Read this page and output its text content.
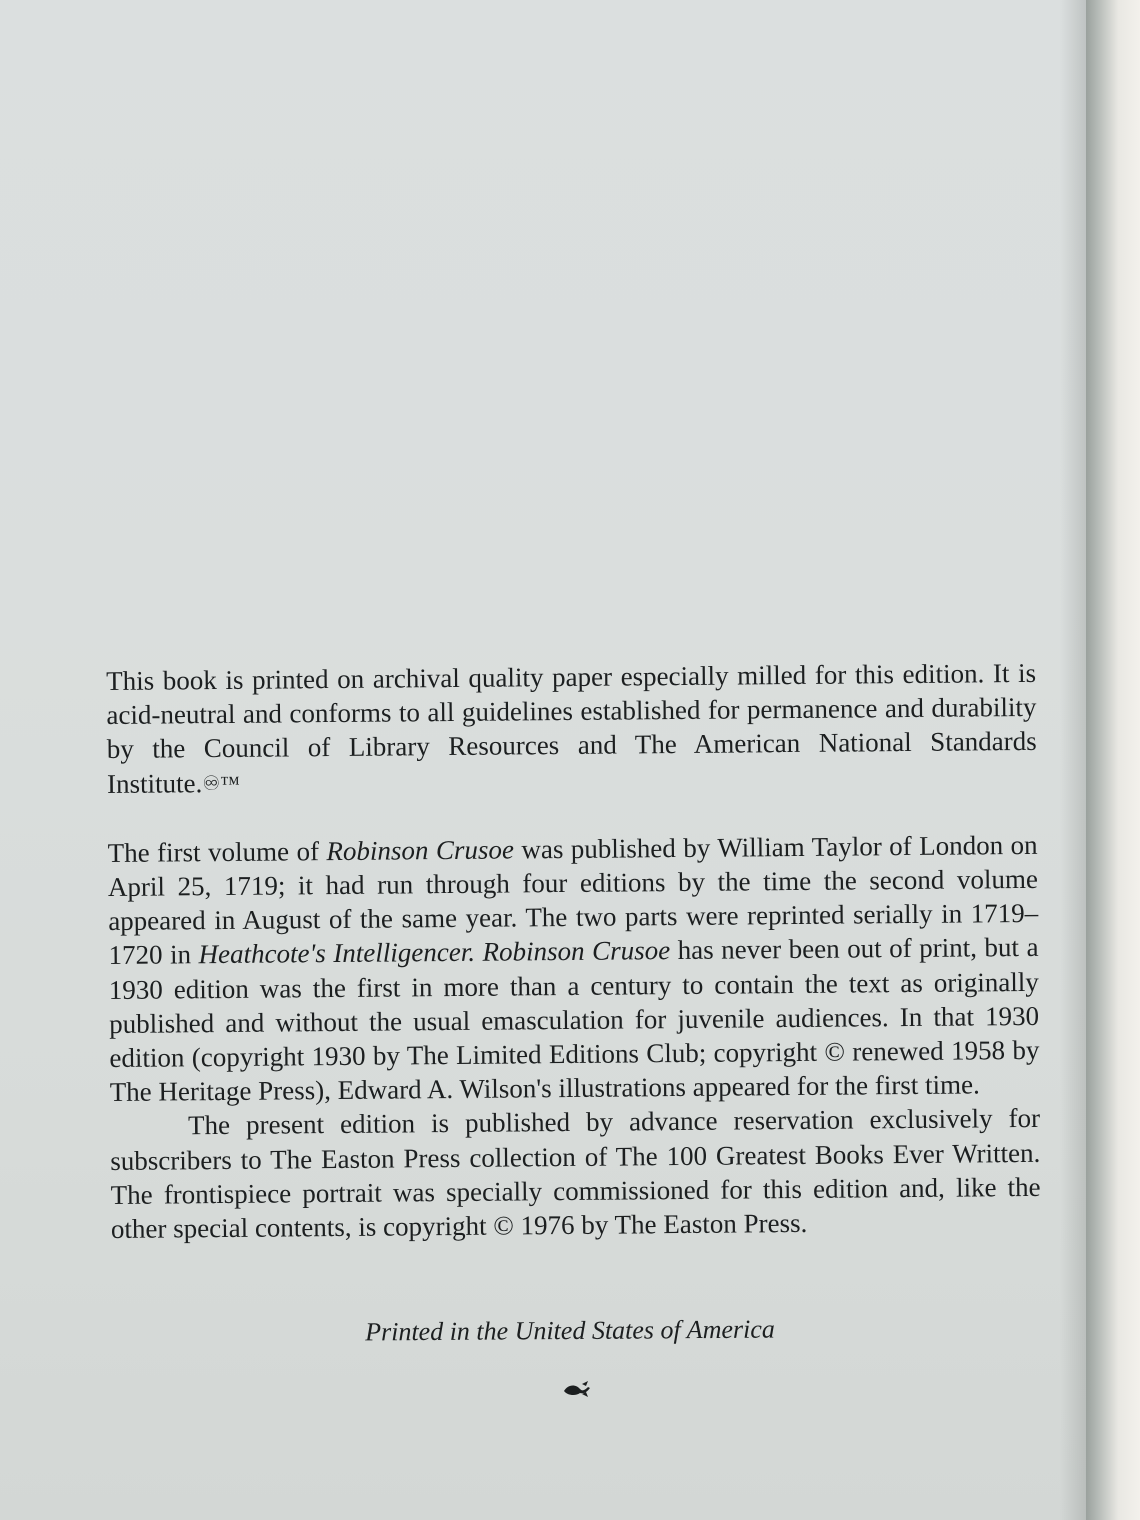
This book is printed on archival quality paper especially milled for this edition. It is acid-neutral and conforms to all guidelines established for permanence and durability by the Council of Library Resources and The American National Standards Institute.♾™

The first volume of Robinson Crusoe was published by William Taylor of London on April 25, 1719; it had run through four editions by the time the second volume appeared in August of the same year. The two parts were reprinted serially in 1719–1720 in Heathcote's Intelligencer. Robinson Crusoe has never been out of print, but a 1930 edition was the first in more than a century to contain the text as originally published and without the usual emasculation for juvenile audiences. In that 1930 edition (copyright 1930 by The Limited Editions Club; copyright © renewed 1958 by The Heritage Press), Edward A. Wilson's illustrations appeared for the first time.

The present edition is published by advance reservation exclusively for subscribers to The Easton Press collection of The 100 Greatest Books Ever Written. The frontispiece portrait was specially commissioned for this edition and, like the other special contents, is copyright © 1976 by The Easton Press.

Printed in the United States of America
